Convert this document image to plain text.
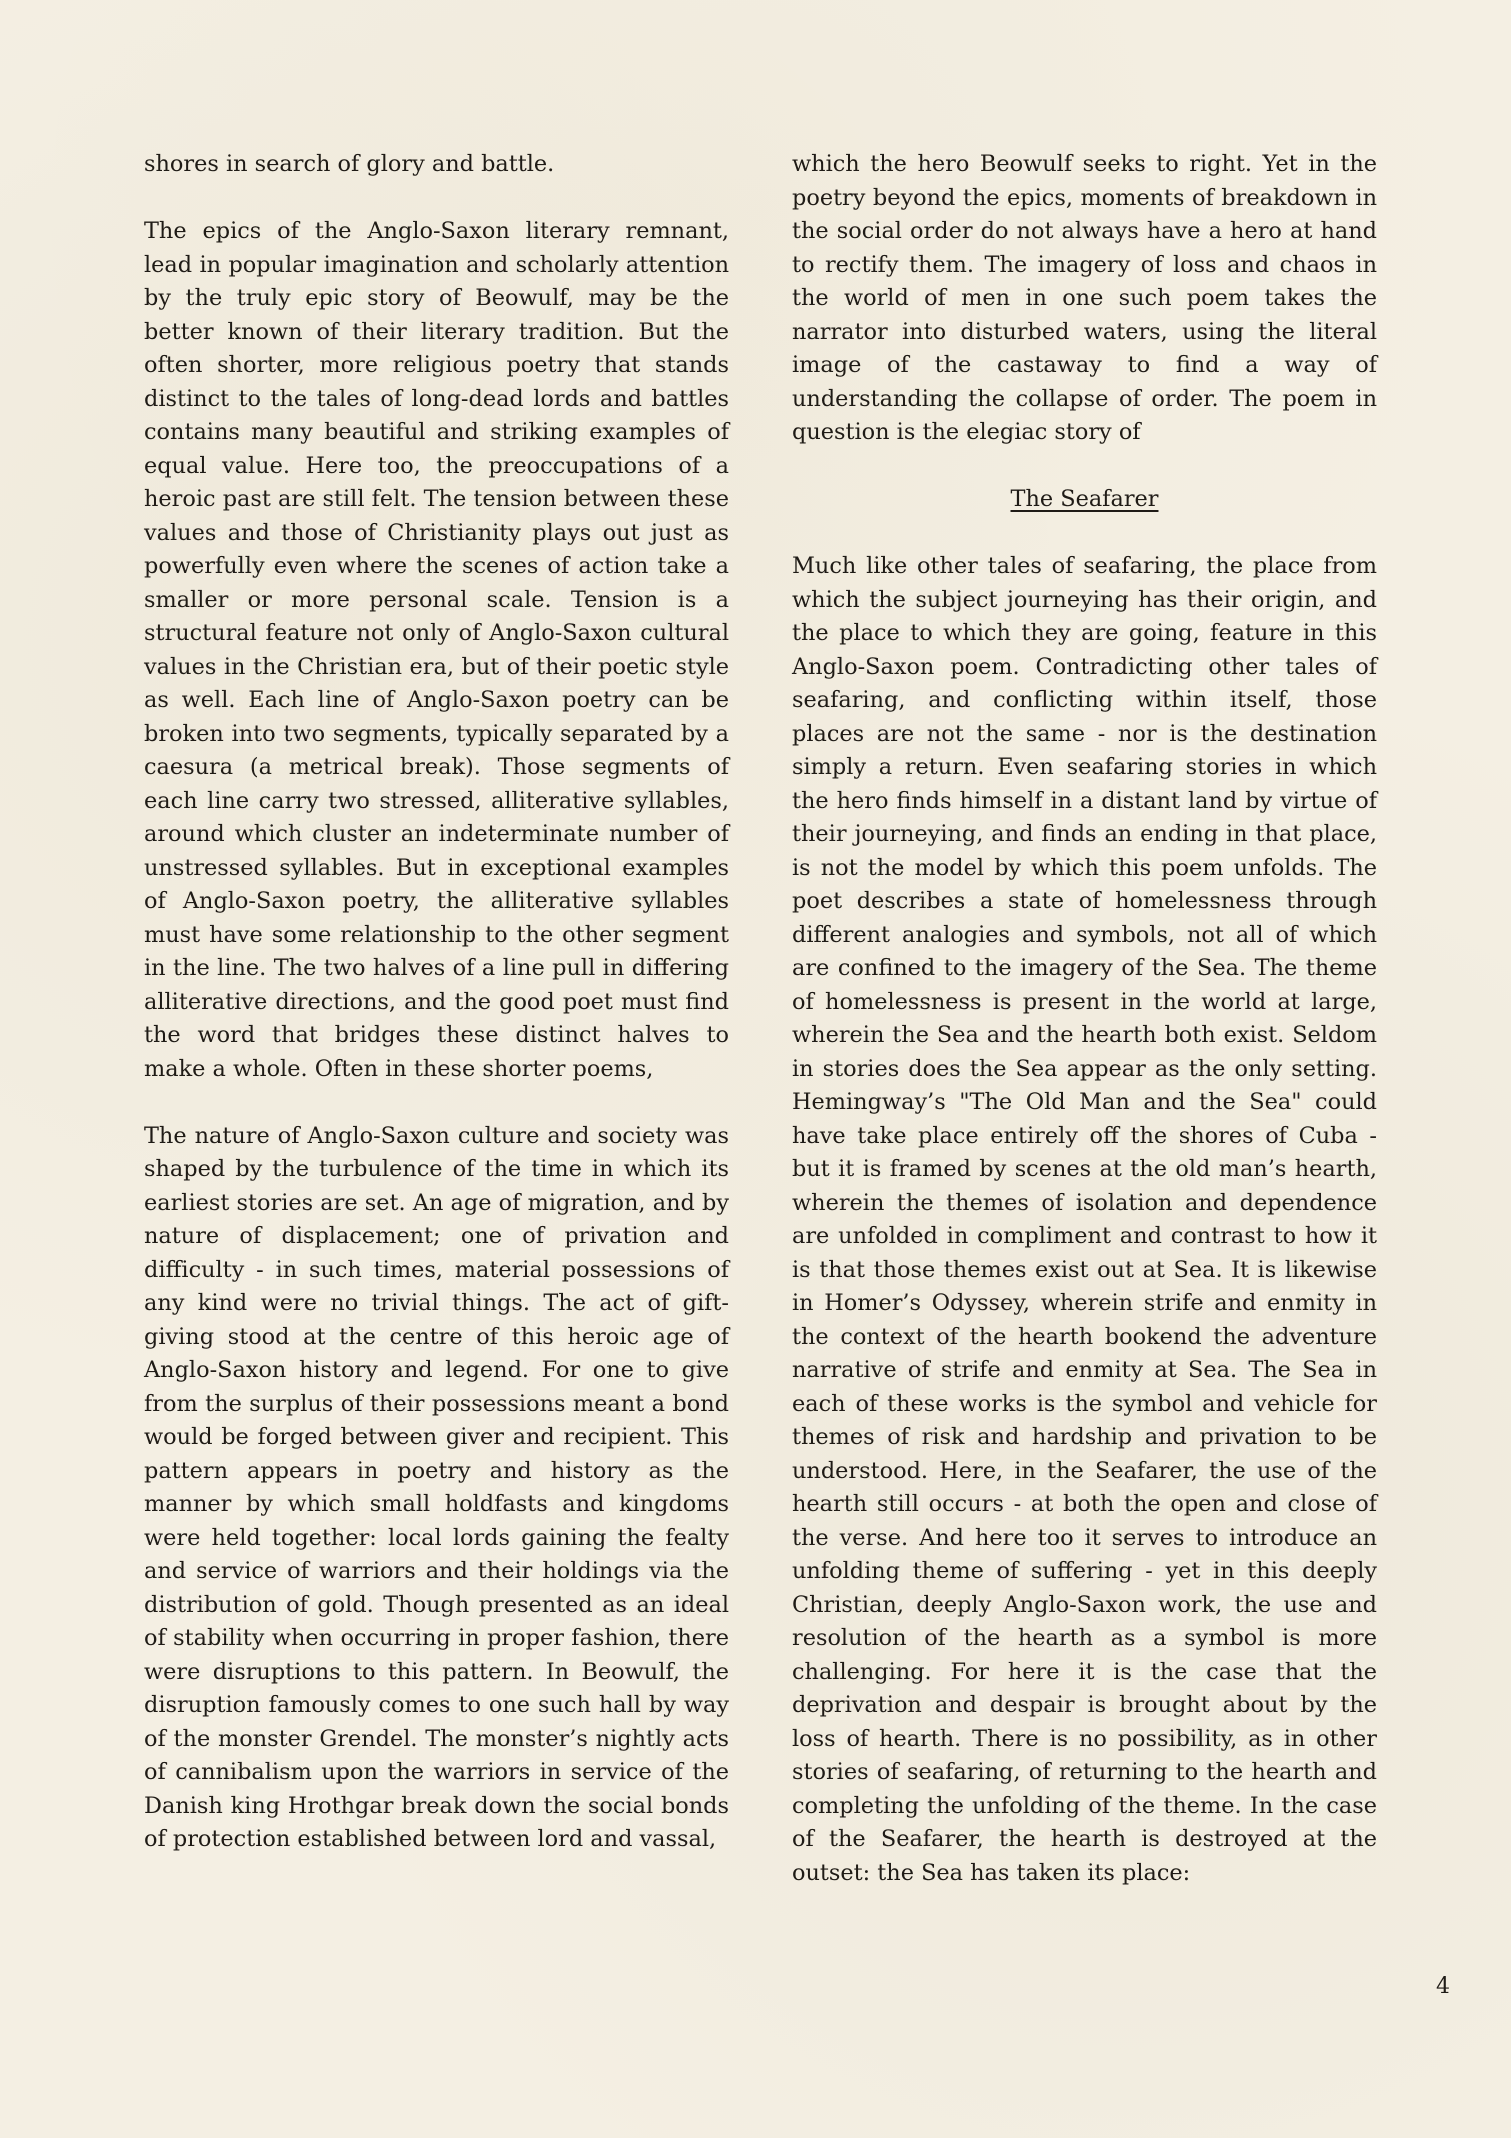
shores in search of glory and battle.

The epics of the Anglo-Saxon literary remnant, lead in popular imagination and scholarly attention by the truly epic story of Beowulf, may be the better known of their literary tradition. But the often shorter, more religious poetry that stands distinct to the tales of long-dead lords and battles contains many beautiful and striking examples of equal value. Here too, the preoccupations of a heroic past are still felt. The tension between these values and those of Christianity plays out just as powerfully even where the scenes of action take a smaller or more personal scale. Tension is a structural feature not only of Anglo-Saxon cultural values in the Christian era, but of their poetic style as well. Each line of Anglo-Saxon poetry can be broken into two segments, typically separated by a caesura (a metrical break). Those segments of each line carry two stressed, alliterative syllables, around which cluster an indeterminate number of unstressed syllables. But in exceptional examples of Anglo-Saxon poetry, the alliterative syllables must have some relationship to the other segment in the line. The two halves of a line pull in differing alliterative directions, and the good poet must find the word that bridges these distinct halves to make a whole. Often in these shorter poems,

The nature of Anglo-Saxon culture and society was shaped by the turbulence of the time in which its earliest stories are set. An age of migration, and by nature of displacement; one of privation and difficulty - in such times, material possessions of any kind were no trivial things. The act of gift-giving stood at the centre of this heroic age of Anglo-Saxon history and legend. For one to give from the surplus of their possessions meant a bond would be forged between giver and recipient. This pattern appears in poetry and history as the manner by which small holdfasts and kingdoms were held together: local lords gaining the fealty and service of warriors and their holdings via the distribution of gold. Though presented as an ideal of stability when occurring in proper fashion, there were disruptions to this pattern. In Beowulf, the disruption famously comes to one such hall by way of the monster Grendel. The monster’s nightly acts of cannibalism upon the warriors in service of the Danish king Hrothgar break down the social bonds of protection established between lord and vassal,

which the hero Beowulf seeks to right. Yet in the poetry beyond the epics, moments of breakdown in the social order do not always have a hero at hand to rectify them. The imagery of loss and chaos in the world of men in one such poem takes the narrator into disturbed waters, using the literal image of the castaway to find a way of understanding the collapse of order. The poem in question is the elegiac story of

The Seafarer

Much like other tales of seafaring, the place from which the subject journeying has their origin, and the place to which they are going, feature in this Anglo-Saxon poem. Contradicting other tales of seafaring, and conflicting within itself, those places are not the same - nor is the destination simply a return. Even seafaring stories in which the hero finds himself in a distant land by virtue of their journeying, and finds an ending in that place, is not the model by which this poem unfolds. The poet describes a state of homelessness through different analogies and symbols, not all of which are confined to the imagery of the Sea. The theme of homelessness is present in the world at large, wherein the Sea and the hearth both exist. Seldom in stories does the Sea appear as the only setting. Hemingway’s "The Old Man and the Sea" could have take place entirely off the shores of Cuba - but it is framed by scenes at the old man’s hearth, wherein the themes of isolation and dependence are unfolded in compliment and contrast to how it is that those themes exist out at Sea. It is likewise in Homer’s Odyssey, wherein strife and enmity in the context of the hearth bookend the adventure narrative of strife and enmity at Sea. The Sea in each of these works is the symbol and vehicle for themes of risk and hardship and privation to be understood. Here, in the Seafarer, the use of the hearth still occurs - at both the open and close of the verse. And here too it serves to introduce an unfolding theme of suffering - yet in this deeply Christian, deeply Anglo-Saxon work, the use and resolution of the hearth as a symbol is more challenging. For here it is the case that the deprivation and despair is brought about by the loss of hearth. There is no possibility, as in other stories of seafaring, of returning to the hearth and completing the unfolding of the theme. In the case of the Seafarer, the hearth is destroyed at the outset: the Sea has taken its place:

4
